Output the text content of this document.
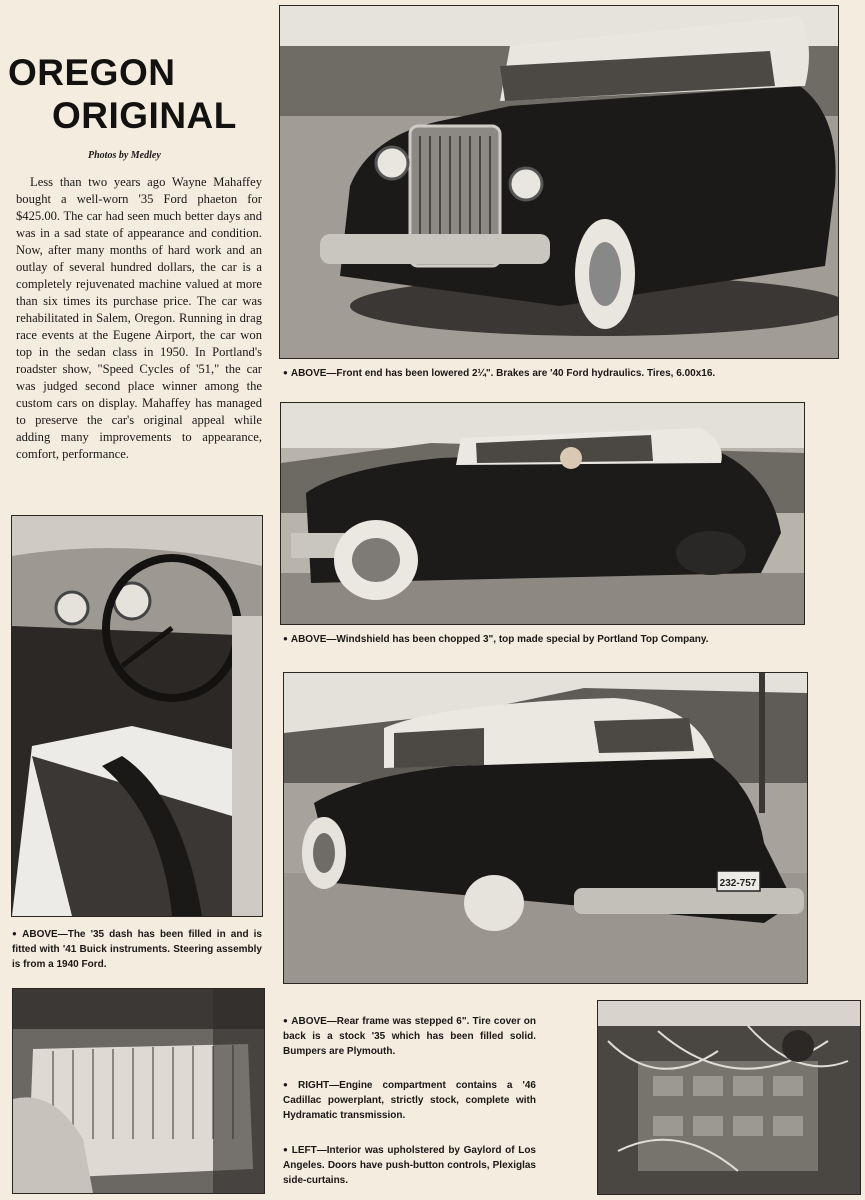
OREGON
ORIGINAL
Photos by Medley

Less than two years ago Wayne Mahaffey bought a well-worn '35 Ford phaeton for $425.00. The car had seen much better days and was in a sad state of appearance and condition. Now, after many months of hard work and an outlay of several hundred dollars, the car is a completely rejuvenated machine valued at more than six times its purchase price. The car was rehabilitated in Salem, Oregon. Running in drag race events at the Eugene Airport, the car won top in the sedan class in 1950. In Portland's roadster show, "Speed Cycles of '51," the car was judged second place winner among the custom cars on display. Mahaffey has managed to preserve the car's original appeal while adding many improvements to appearance, comfort, performance.

● ABOVE—Front end has been lowered 2¼". Brakes are '40 Ford hydraulics. Tires, 6.00x16.

● ABOVE—Windshield has been chopped 3", top made special by Portland Top Company.

● ABOVE—The '35 dash has been filled in and is fitted with '41 Buick instruments. Steering assembly is from a 1940 Ford.

232-757

● ABOVE—Rear frame was stepped 6". Tire cover on back is a stock '35 which has been filled solid. Bumpers are Plymouth.

● RIGHT—Engine compartment contains a '46 Cadillac powerplant, strictly stock, complete with Hydramatic transmission.

● LEFT—Interior was upholstered by Gaylord of Los Angeles. Doors have push-button controls, Plexiglas side-curtains.
